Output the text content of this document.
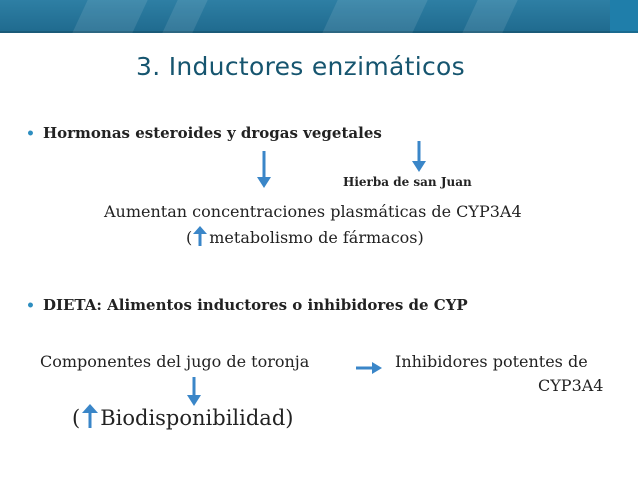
3. Inductores enzimáticos
• Hormonas esteroides y drogas vegetales
Hierba de san Juan
Aumentan concentraciones plasmáticas de CYP3A4
( metabolismo de fármacos)
• DIETA: Alimentos inductores o inhibidores de CYP
Componentes del jugo de toronja	Inhibidores potentes de
CYP3A4
( Biodisponibilidad)
